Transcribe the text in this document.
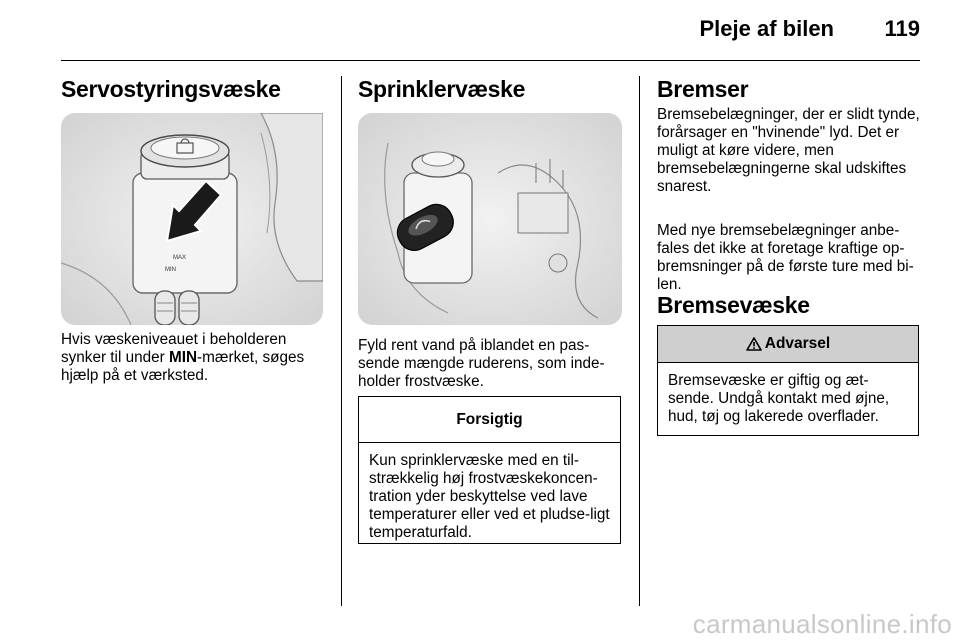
Pleje af bilen 119
Servostyringsvæske
MAX
MIN

Hvis væskeniveauet i beholderen synker til under MIN-mærket, søges hjælp på et værksted.

Sprinklervæske

Fyld rent vand på iblandet en pas-sende mængde ruderens, som inde-holder frostvæske.

Forsigtig
Kun sprinklervæske med en til-strækkelig høj frostvæskekoncen-tration yder beskyttelse ved lave temperaturer eller ved et pludse-ligt temperaturfald.
Bremser

Bremsebelægninger, der er slidt tynde, forårsager en "hvinende" lyd. Det er muligt at køre videre, men bremsebelægningerne skal udskiftes snarest.

Med nye bremsebelægninger anbe-fales det ikke at foretage kraftige op-bremsninger på de første ture med bi-len.

Bremsevæske
Advarsel
Bremsevæske er giftig og æt-sende. Undgå kontakt med øjne, hud, tøj og lakerede overflader.
carmanualsonline.info
